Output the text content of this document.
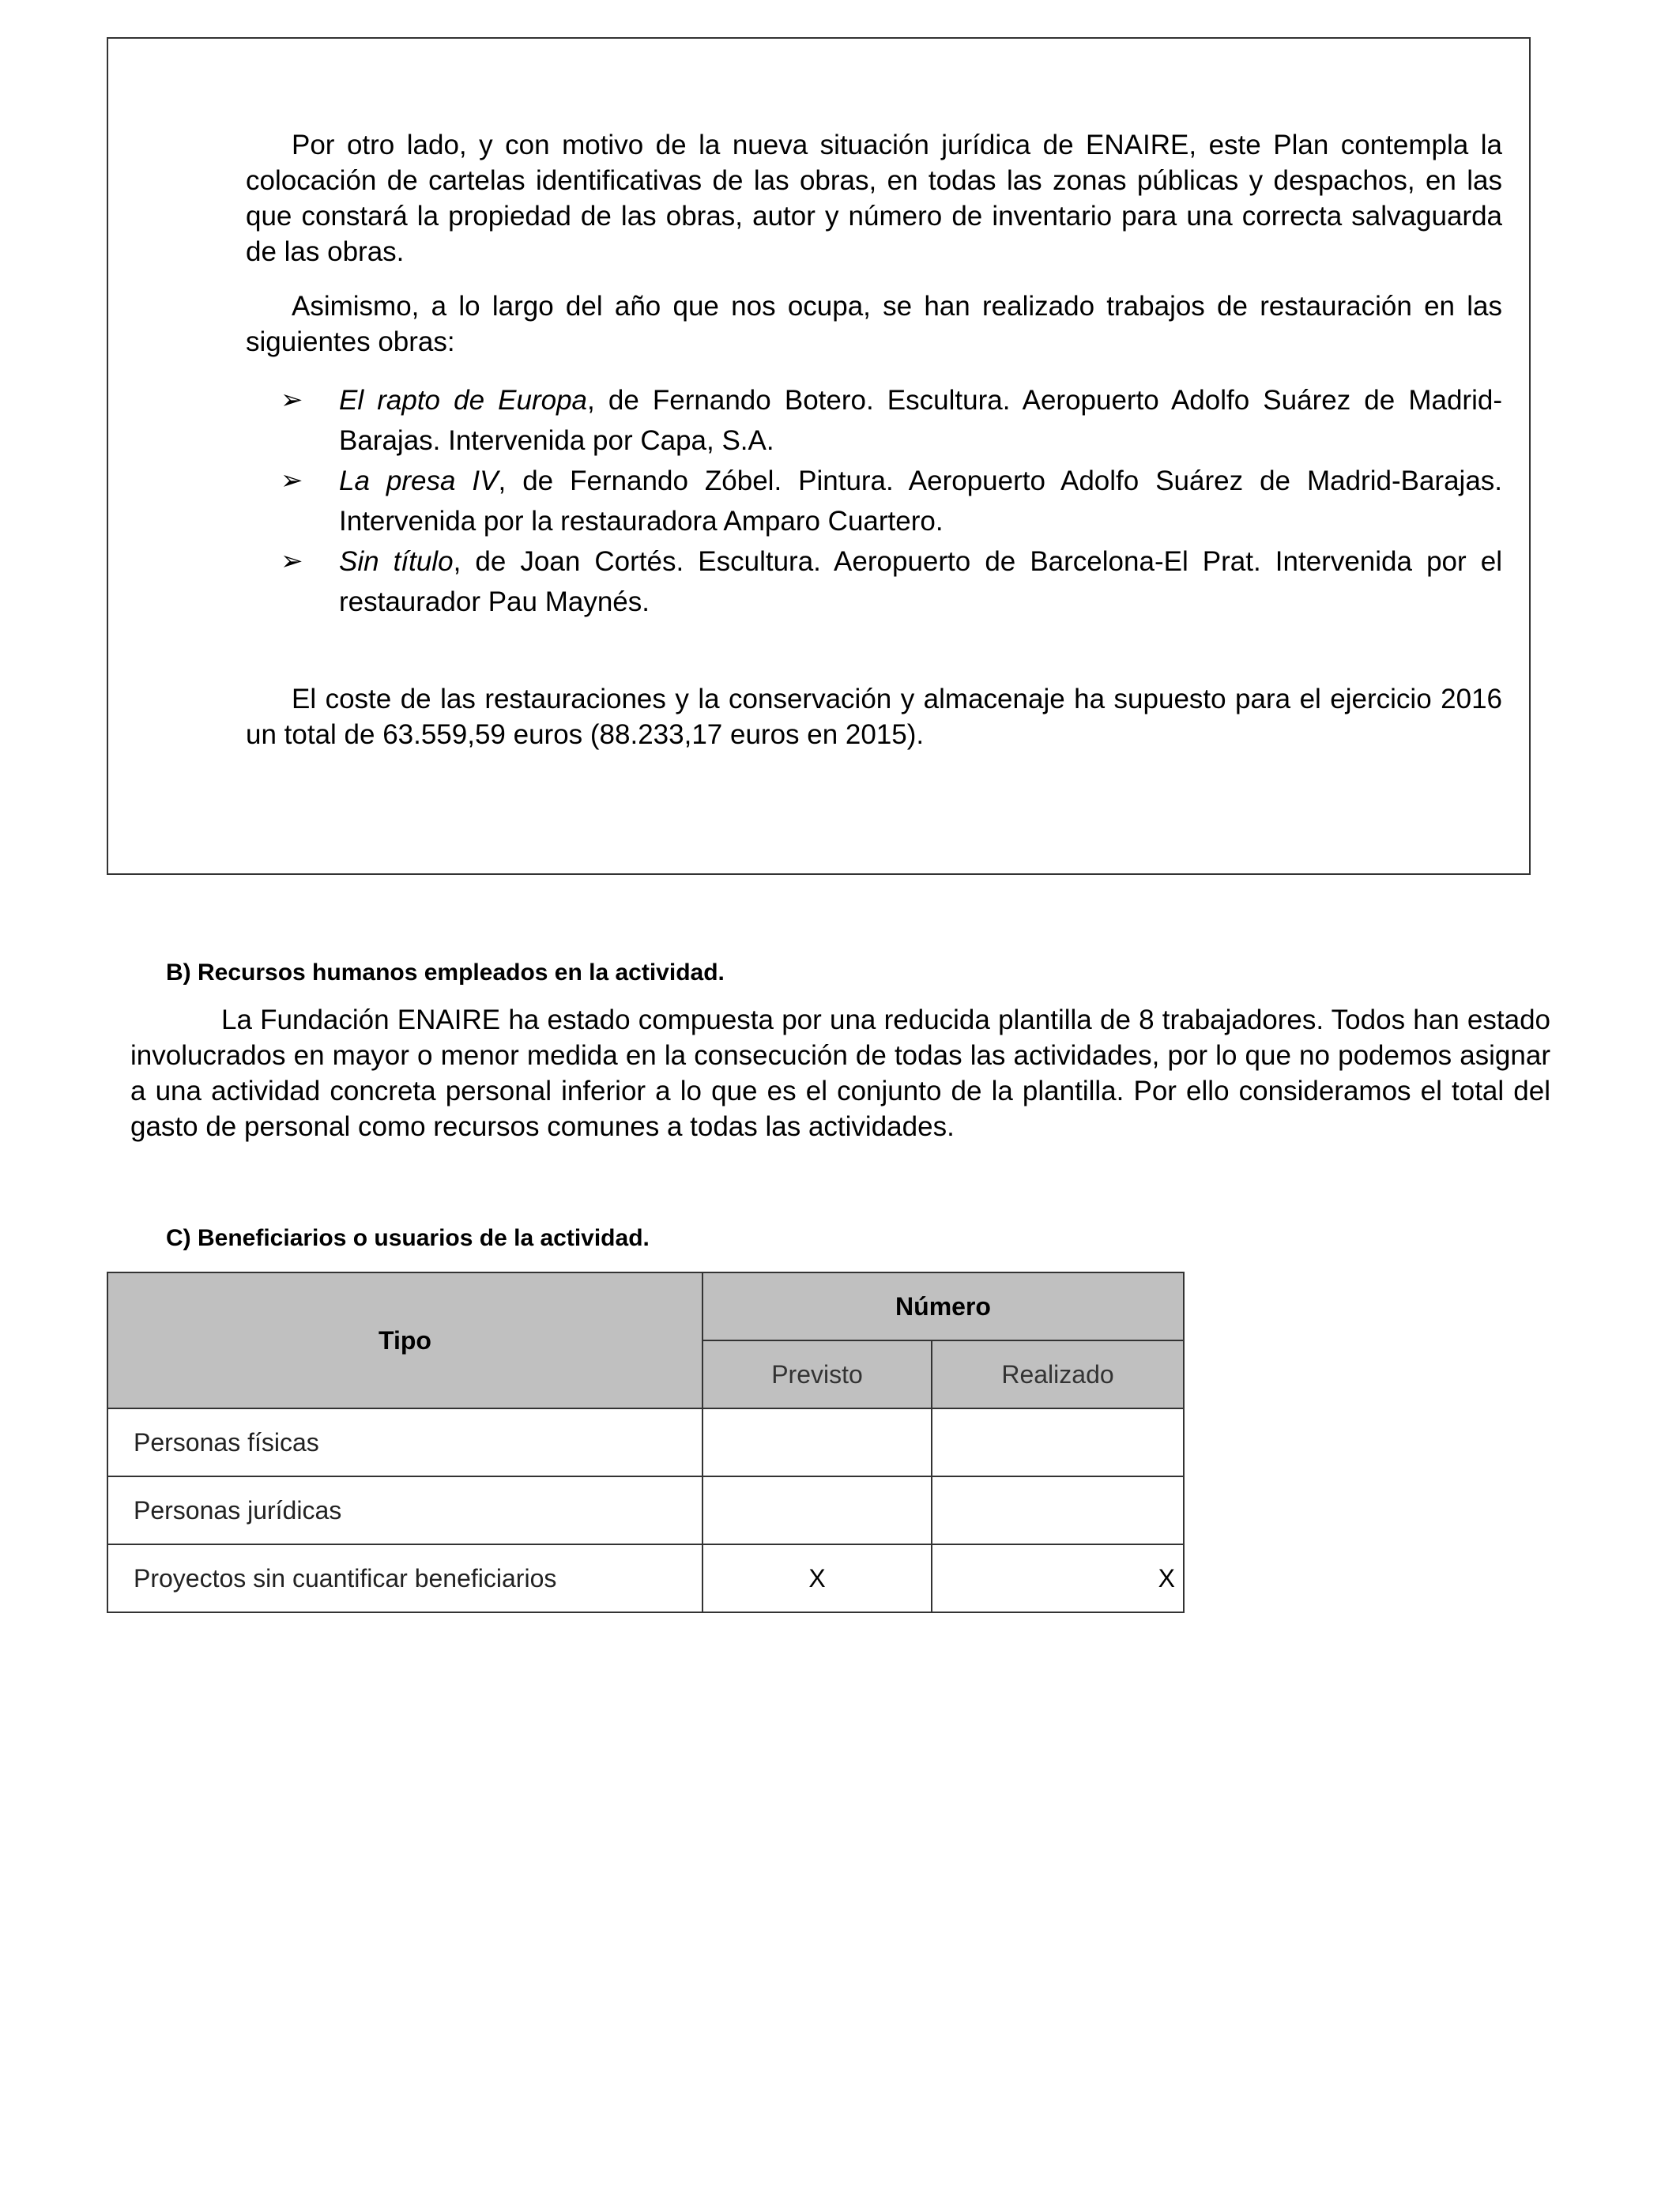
Por otro lado, y con motivo de la nueva situación jurídica de ENAIRE, este Plan contempla la colocación de cartelas identificativas de las obras, en todas las zonas públicas y despachos, en las que constará la propiedad de las obras, autor y número de inventario para una correcta salvaguarda de las obras.

Asimismo, a lo largo del año que nos ocupa, se han realizado trabajos de restauración en las siguientes obras:

➢ El rapto de Europa, de Fernando Botero. Escultura. Aeropuerto Adolfo Suárez de Madrid-Barajas. Intervenida por Capa, S.A.
➢ La presa IV, de Fernando Zóbel. Pintura. Aeropuerto Adolfo Suárez de Madrid-Barajas. Intervenida por la restauradora Amparo Cuartero.
➢ Sin título, de Joan Cortés. Escultura. Aeropuerto de Barcelona-El Prat. Intervenida por el restaurador Pau Maynés.

El coste de las restauraciones y la conservación y almacenaje ha supuesto para el ejercicio 2016 un total de 63.559,59 euros (88.233,17 euros en 2015).

B) Recursos humanos empleados en la actividad.

La Fundación ENAIRE ha estado compuesta por una reducida plantilla de 8 trabajadores. Todos han estado involucrados en mayor o menor medida en la consecución de todas las actividades, por lo que no podemos asignar a una actividad concreta personal inferior a lo que es el conjunto de la plantilla. Por ello consideramos el total del gasto de personal como recursos comunes a todas las actividades.

C) Beneficiarios o usuarios de la actividad.
Tipo	Número	
	Previsto	Realizado
Personas físicas		
Personas jurídicas		
Proyectos sin cuantificar beneficiarios	X	X
